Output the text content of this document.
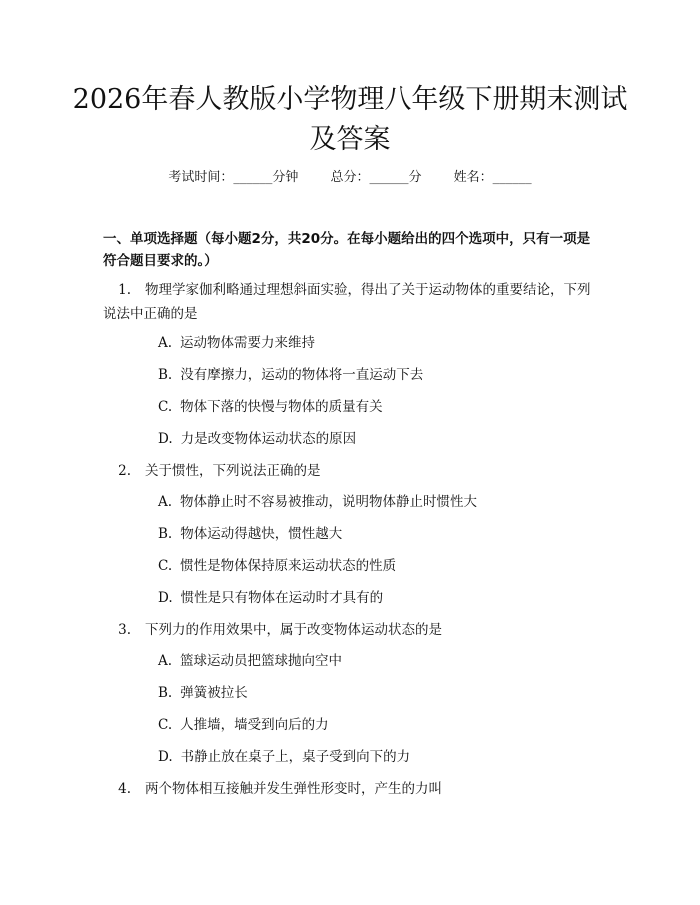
2026年春人教版小学物理八年级下册期末测试及答案
考试时间：______分钟 总分：______分 姓名：______

一、单项选择题（每小题2分，共20分。在每小题给出的四个选项中，只有一项是符合题目要求的。）

1. 物理学家伽利略通过理想斜面实验，得出了关于运动物体的重要结论，下列说法中正确的是

A. 运动物体需要力来维持
B. 没有摩擦力，运动的物体将一直运动下去
C. 物体下落的快慢与物体的质量有关
D. 力是改变物体运动状态的原因

2. 关于惯性，下列说法正确的是

A. 物体静止时不容易被推动，说明物体静止时惯性大
B. 物体运动得越快，惯性越大
C. 惯性是物体保持原来运动状态的性质
D. 惯性是只有物体在运动时才具有的

3. 下列力的作用效果中，属于改变物体运动状态的是

A. 篮球运动员把篮球抛向空中
B. 弹簧被拉长
C. 人推墙，墙受到向后的力
D. 书静止放在桌子上，桌子受到向下的力

4. 两个物体相互接触并发生弹性形变时，产生的力叫
